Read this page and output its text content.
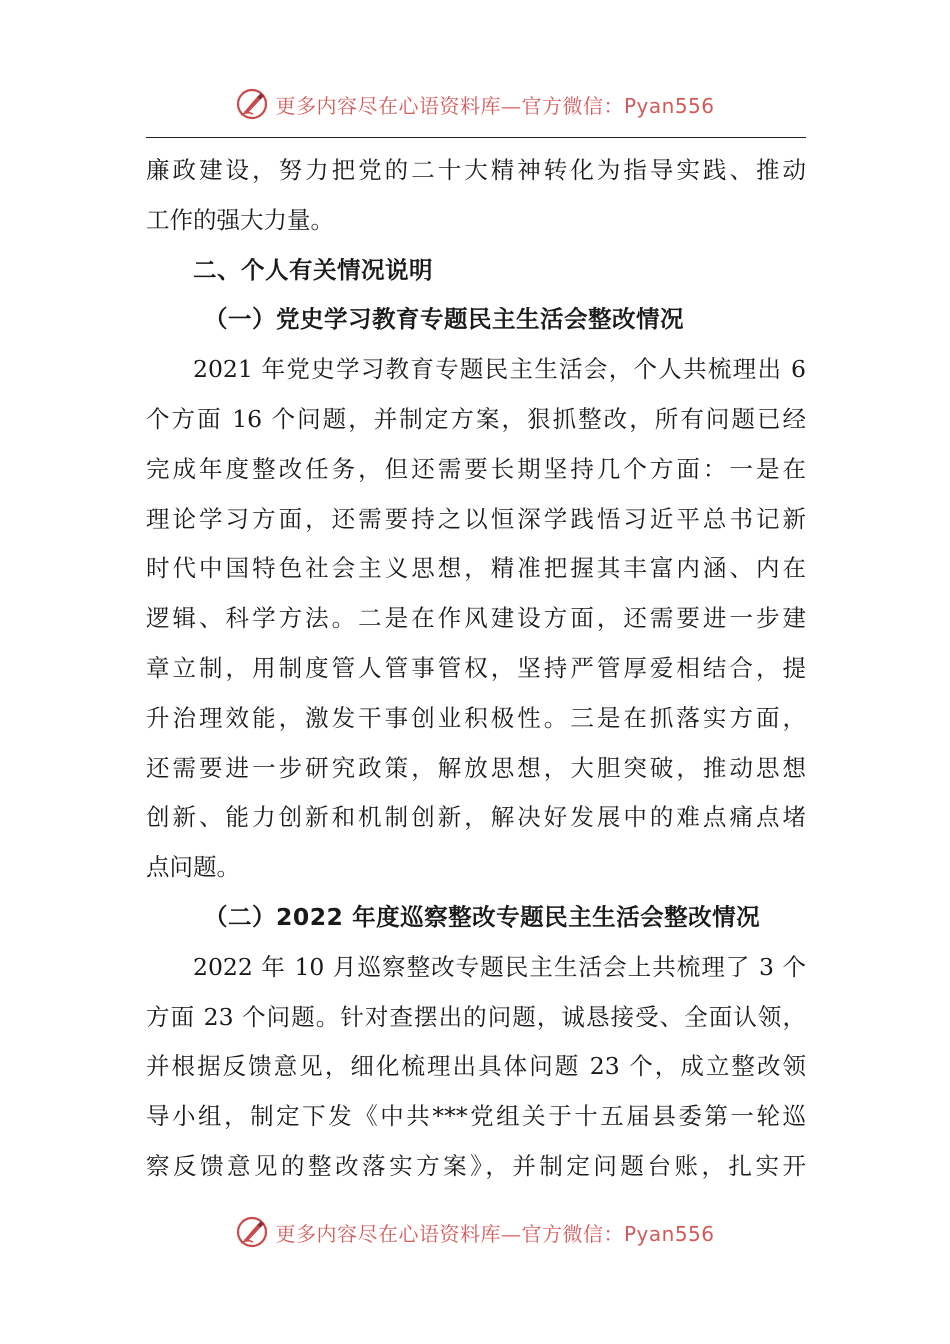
更多内容尽在心语资料库—官方微信：Pyan556
廉政建设，努力把党的二十大精神转化为指导实践、推动
工作的强大力量。
二、个人有关情况说明
（一）党史学习教育专题民主生活会整改情况
2021 年党史学习教育专题民主生活会，个人共梳理出 6
个方面 16 个问题，并制定方案，狠抓整改，所有问题已经
完成年度整改任务，但还需要长期坚持几个方面：一是在
理论学习方面，还需要持之以恒深学践悟习近平总书记新
时代中国特色社会主义思想，精准把握其丰富内涵、内在
逻辑、科学方法。二是在作风建设方面，还需要进一步建
章立制，用制度管人管事管权，坚持严管厚爱相结合，提
升治理效能，激发干事创业积极性。三是在抓落实方面，
还需要进一步研究政策，解放思想，大胆突破，推动思想
创新、能力创新和机制创新，解决好发展中的难点痛点堵
点问题。
（二）2022 年度巡察整改专题民主生活会整改情况
2022 年 10 月巡察整改专题民主生活会上共梳理了 3 个
方面 23 个问题。针对查摆出的问题，诚恳接受、全面认领，
并根据反馈意见，细化梳理出具体问题 23 个，成立整改领
导小组，制定下发《中共***党组关于十五届县委第一轮巡
察反馈意见的整改落实方案》，并制定问题台账，扎实开
更多内容尽在心语资料库—官方微信：Pyan556
